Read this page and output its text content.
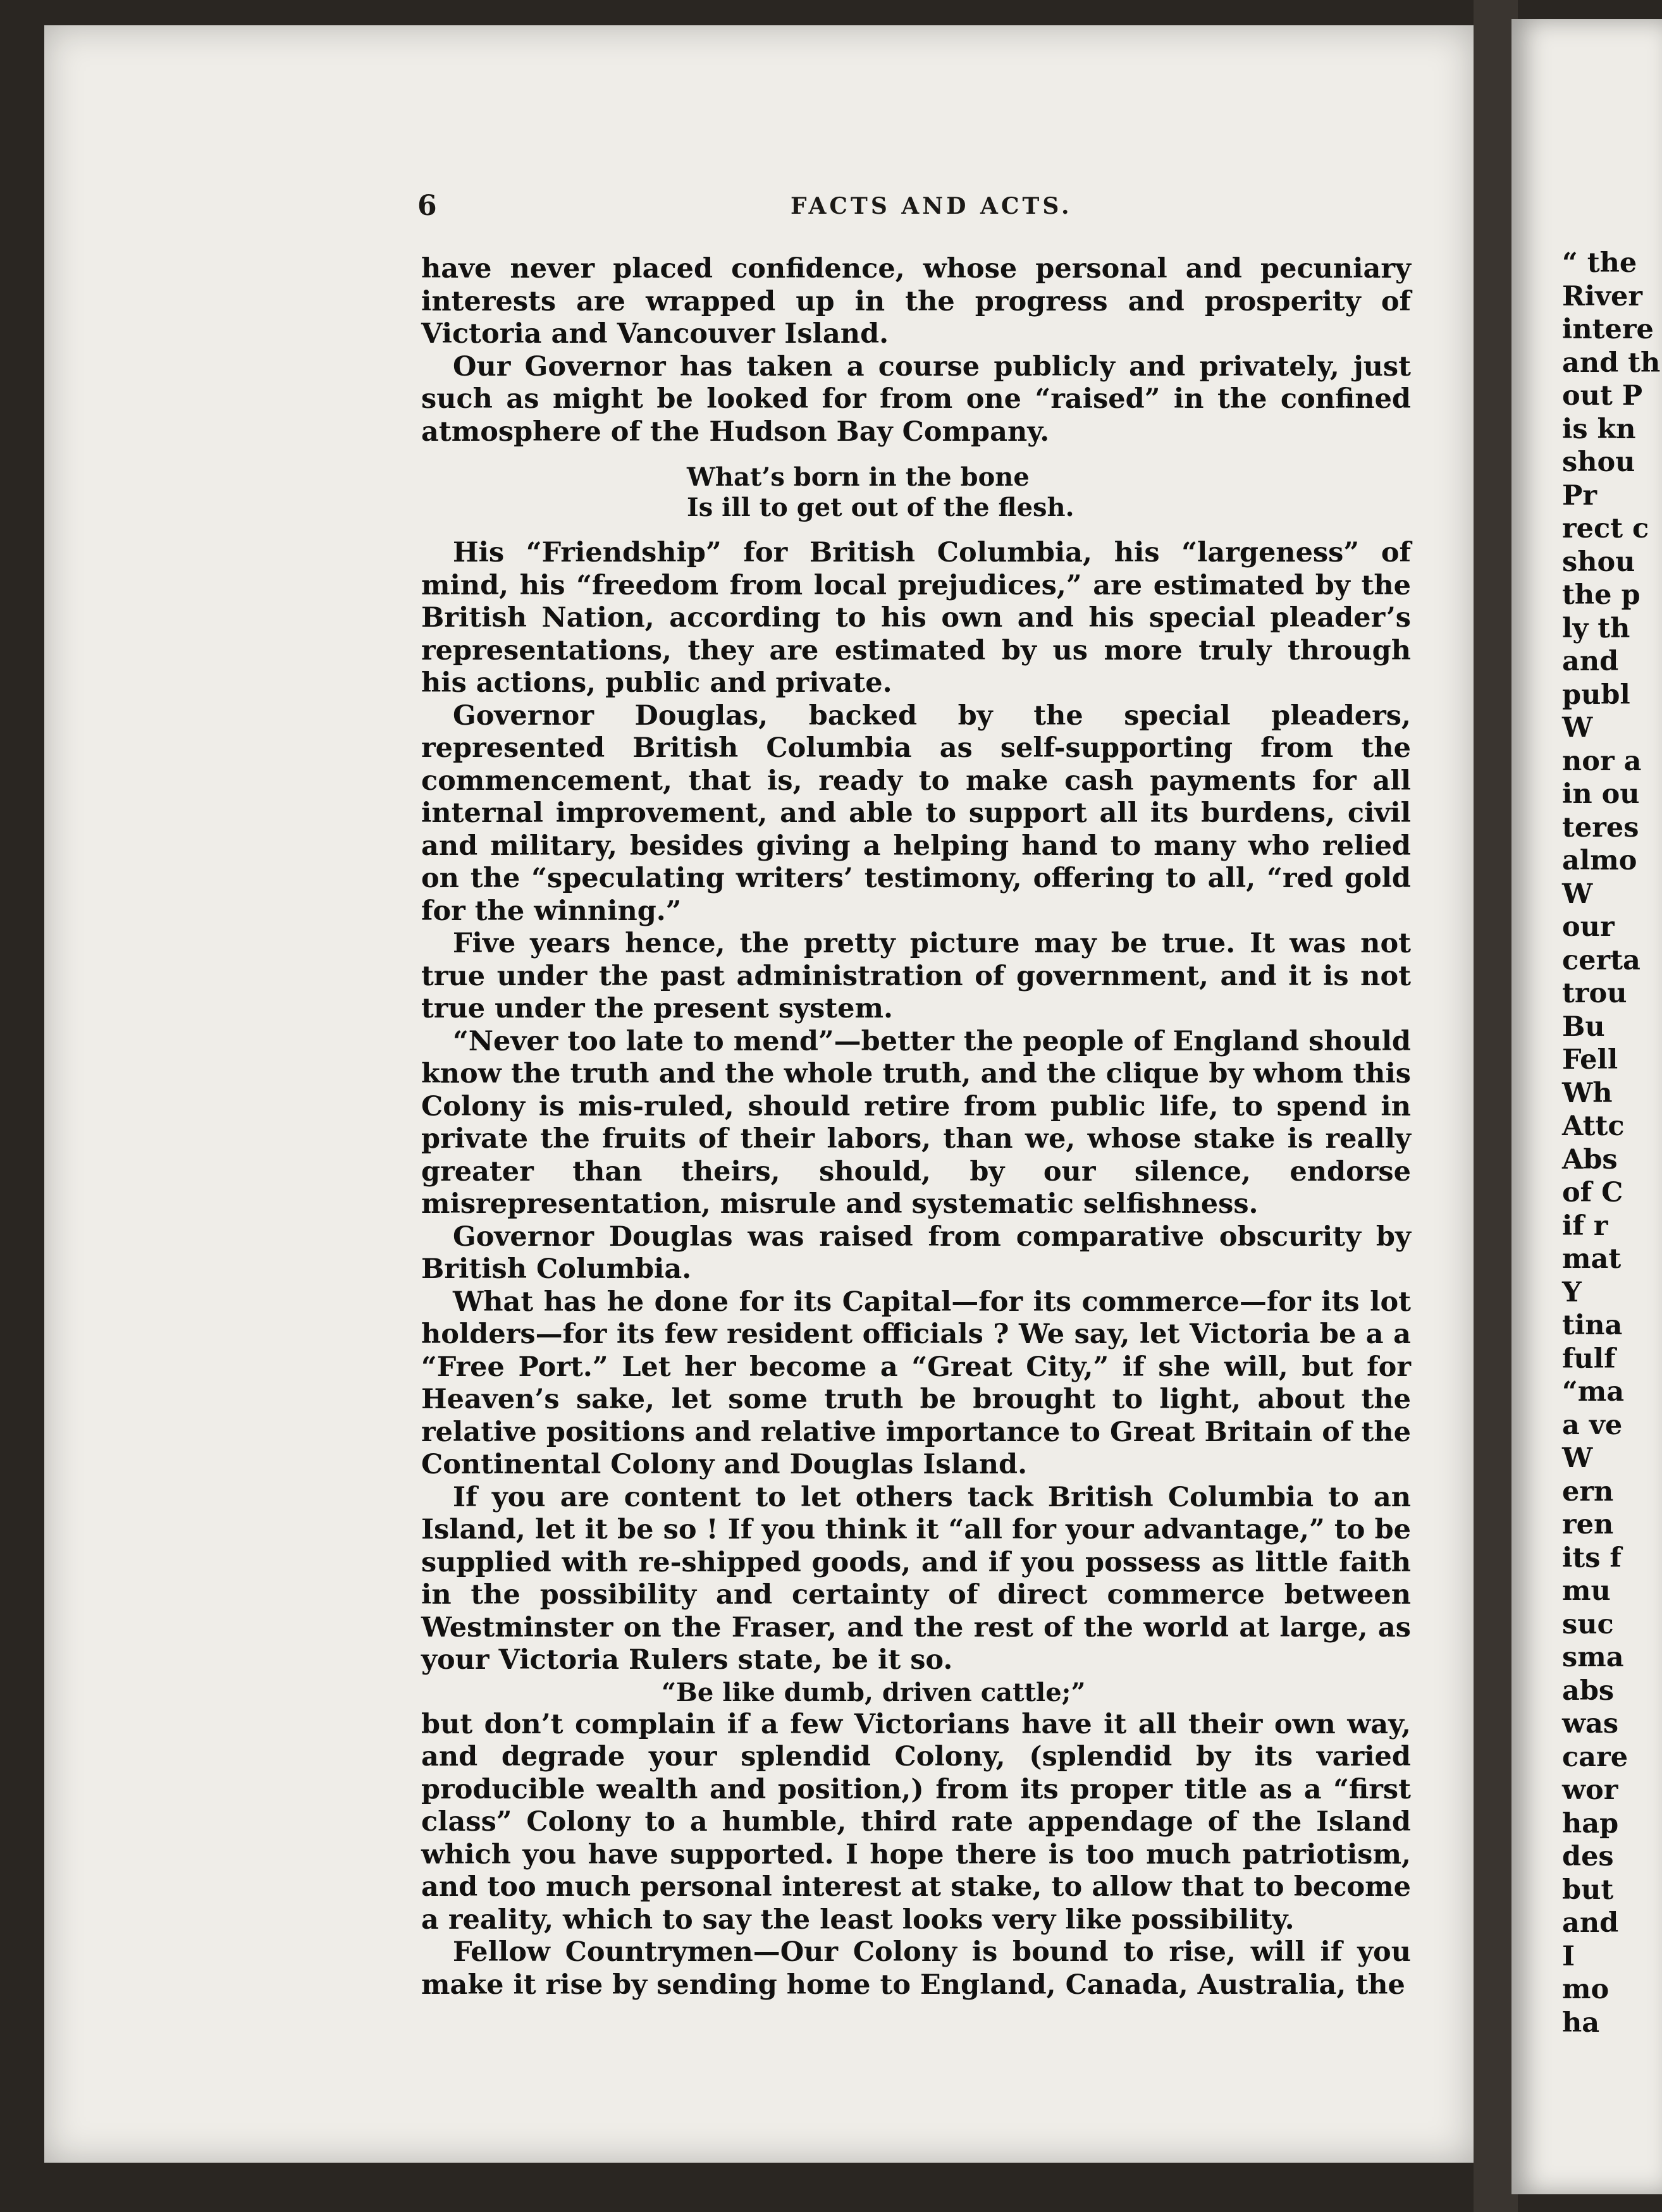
6	FACTS AND ACTS.

have never placed confidence, whose personal and pecuniary interests are wrapped up in the progress and prosperity of Victoria and Vancouver Island.

Our Governor has taken a course publicly and privately, just such as might be looked for from one “raised” in the confined atmosphere of the Hudson Bay Company.

What’s born in the bone
Is ill to get out of the flesh.

His “Friendship” for British Columbia, his “largeness” of mind, his “freedom from local prejudices,” are estimated by the British Nation, according to his own and his special pleader’s representations, they are estimated by us more truly through his actions, public and private.

Governor Douglas, backed by the special pleaders, represented British Columbia as self-supporting from the commencement, that is, ready to make cash payments for all internal improvement, and able to support all its burdens, civil and military, besides giving a helping hand to many who relied on the “speculating writers’ testimony, offering to all, “red gold for the winning.”

Five years hence, the pretty picture may be true. It was not true under the past administration of government, and it is not true under the present system.

“Never too late to mend”—better the people of England should know the truth and the whole truth, and the clique by whom this Colony is mis-ruled, should retire from public life, to spend in private the fruits of their labors, than we, whose stake is really greater than theirs, should, by our silence, endorse misrepresentation, misrule and systematic selfishness.

Governor Douglas was raised from comparative obscurity by British Columbia.

What has he done for its Capital—for its commerce—for its lot holders—for its few resident officials ? We say, let Victoria be a a “Free Port.” Let her become a “Great City,” if she will, but for Heaven’s sake, let some truth be brought to light, about the relative positions and relative importance to Great Britain of the Continental Colony and Douglas Island.

If you are content to let others tack British Columbia to an Island, let it be so ! If you think it “all for your advantage,” to be supplied with re-shipped goods, and if you possess as little faith in the possibility and certainty of direct commerce between Westminster on the Fraser, and the rest of the world at large, as your Victoria Rulers state, be it so.

“Be like dumb, driven cattle;”

but don’t complain if a few Victorians have it all their own way, and degrade your splendid Colony, (splendid by its varied producible wealth and position,) from its proper title as a “first class” Colony to a humble, third rate appendage of the Island which you have supported. I hope there is too much patriotism, and too much personal interest at stake, to allow that to become a reality, which to say the least looks very like possibility.

Fellow Countrymen—Our Colony is bound to rise, will if you make it rise by sending home to England, Canada, Australia, the

“ the
River
intere
and th
out P
is kn
shou
Pr
rect c
shou
the p
ly th
and
publ
W
nor a
in ou
teres
almo
W
our
certa
trou
Bu
Fell
Wh
Attc
Abs
of C
if r
mat
Y
tina
fulf
“ma
a ve
W
ern
ren
its f
mu
suc
sma
abs
was
care
wor
hap
des
but
and
I
mo
ha
